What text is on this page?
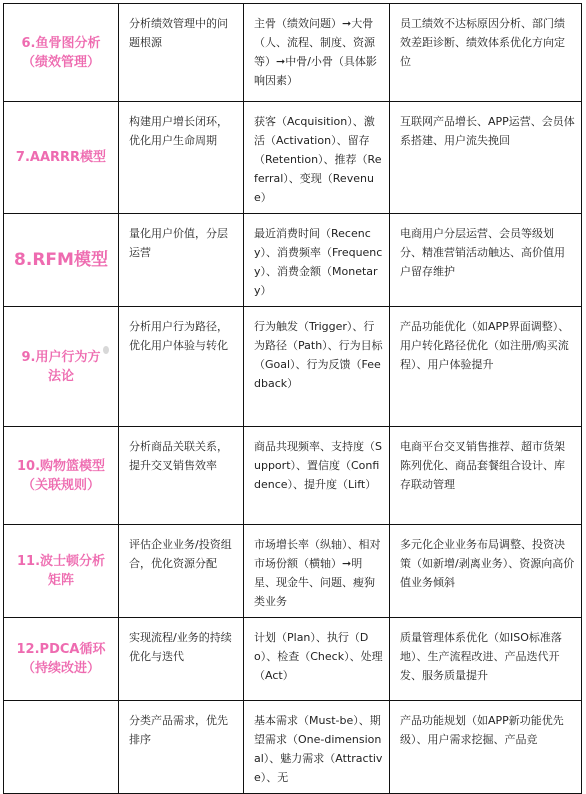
6.鱼骨图分析
（绩效管理）	分析绩效管理中的问题根源	主骨（绩效问题）➞大骨（人、流程、制度、资源等）➞中骨/小骨（具体影响因素）	员工绩效不达标原因分析、部门绩效差距诊断、绩效体系优化方向定位

7.AARRR模型	构建用户增长闭环，优化用户生命周期	获客（Acquisition）、激活（Activation）、留存（Retention）、推荐（Referral）、变现（Revenue）	互联网产品增长、APP运营、会员体系搭建、用户流失挽回

8.RFM模型	量化用户价值，分层运营	最近消费时间（Recency）、消费频率（Frequency）、消费金额（Monetary）	电商用户分层运营、会员等级划分、精准营销活动触达、高价值用户留存维护

9.用户行为方
法论	分析用户行为路径，优化用户体验与转化	行为触发（Trigger）、行为路径（Path）、行为目标（Goal）、行为反馈（Feedback）	产品功能优化（如APP界面调整）、用户转化路径优化（如注册/购买流程）、用户体验提升

10.购物篮模型
（关联规则）	分析商品关联关系，提升交叉销售效率	商品共现频率、支持度（Support）、置信度（Confidence）、提升度（Lift）	电商平台交叉销售推荐、超市货架陈列优化、商品套餐组合设计、库存联动管理

11.波士顿分析
矩阵	评估企业业务/投资组合，优化资源分配	市场增长率（纵轴）、相对市场份额（横轴）➞明星、现金牛、问题、瘦狗类业务	多元化企业业务布局调整、投资决策（如新增/剥离业务）、资源向高价值业务倾斜

12.PDCA循环
（持续改进）	实现流程/业务的持续优化与迭代	计划（Plan）、执行（Do）、检查（Check）、处理（Act）	质量管理体系优化（如ISO标准落地）、生产流程改进、产品迭代开发、服务质量提升
	分类产品需求，优先排序	基本需求（Must-be）、期望需求（One-dimensional）、魅力需求（Attractive）、无	产品功能规划（如APP新功能优先级）、用户需求挖掘、产品竞
